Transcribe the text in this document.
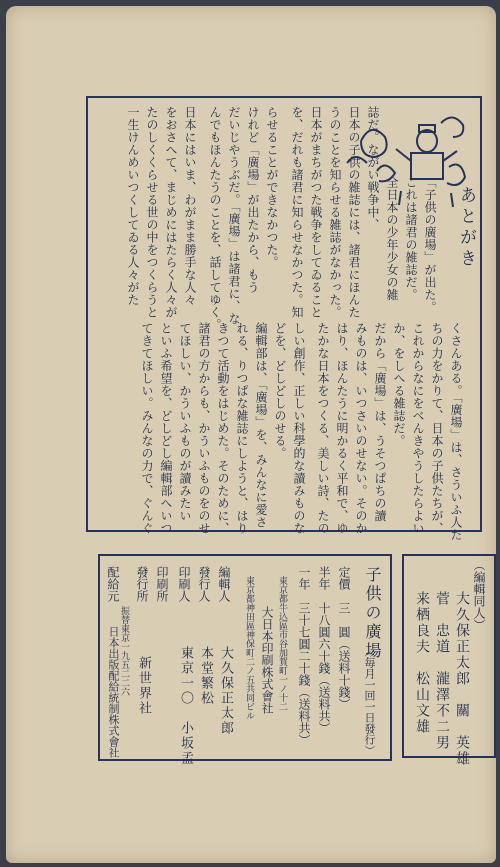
あとがき
「子供の廣場」が出た。
これは諸君の雑誌だ。
全日本の少年少女の雑
誌だ。ながい戦争中、
日本の子供の雑誌には、諸君にほんた
うのことを知らせる雑誌がなかった。
日本がまちがつた戦争をしてゐること
を、だれも諸君に知らせなかつた。知
らせることができなかつた。
けれど「廣場」が出たから、もう
だいじやうぶだ。「廣場」は諸君に、な
んでもほんたうのことを、話してゆく。
日本にはいま、わがまま勝手な人々
をおさへて、まじめにはたらく人々が
たのしくくらせる世の中をつくらうと
一生けんめいつくしてゐる人々がた
くさんある。「廣場」は、さういふ人た
ちの力をかりて、日本の子供たちが、
これからなにをべんきやうしたらよい
か、をしへる雑誌だ。
だから「廣場」は、うそつぱちの讀
みものは、いつさいのせない。そのか
はり、ほんたうに明かるく平和で、ゆ
たかな日本をつくる、美しい詩、たの
しい創作、正しい科學的な讀みものな
どを、どしどしのせる。
編輯部は、「廣場」を、みんなに愛さ
れる、りつぱな雑誌にしようと、はり
きつて活動をはじめた。そのために、
諸君の方からも、かういふものをのせ
てほしい、かういふものが讀みたい
といふ希望を、どしどし編輯部へいつ
てきてほしい。みんなの力で、ぐんぐ
（編輯同人）
大久保正太郎　關　英雄
菅　忠道　瀧澤不二男
来栖良夫　松山文雄
子供の廣場
（毎月一回一日發行）
定價　三　圓（送料十錢）
半年　十八圓六十錢（送料共）
一年　三十七圓二十錢（送料共）
東京都牛込區市谷加賀町一ノ十二
大日本印刷株式會社
東京都神田區神保町二ノ五共同ビル
編輯人
大久保正太郎
發行人
本堂繁松
印刷人
東京一〇　小坂孟
印刷所
發行所
新世界社
振替東京一九五二二六
配給元
日本出版配給統制株式會社
